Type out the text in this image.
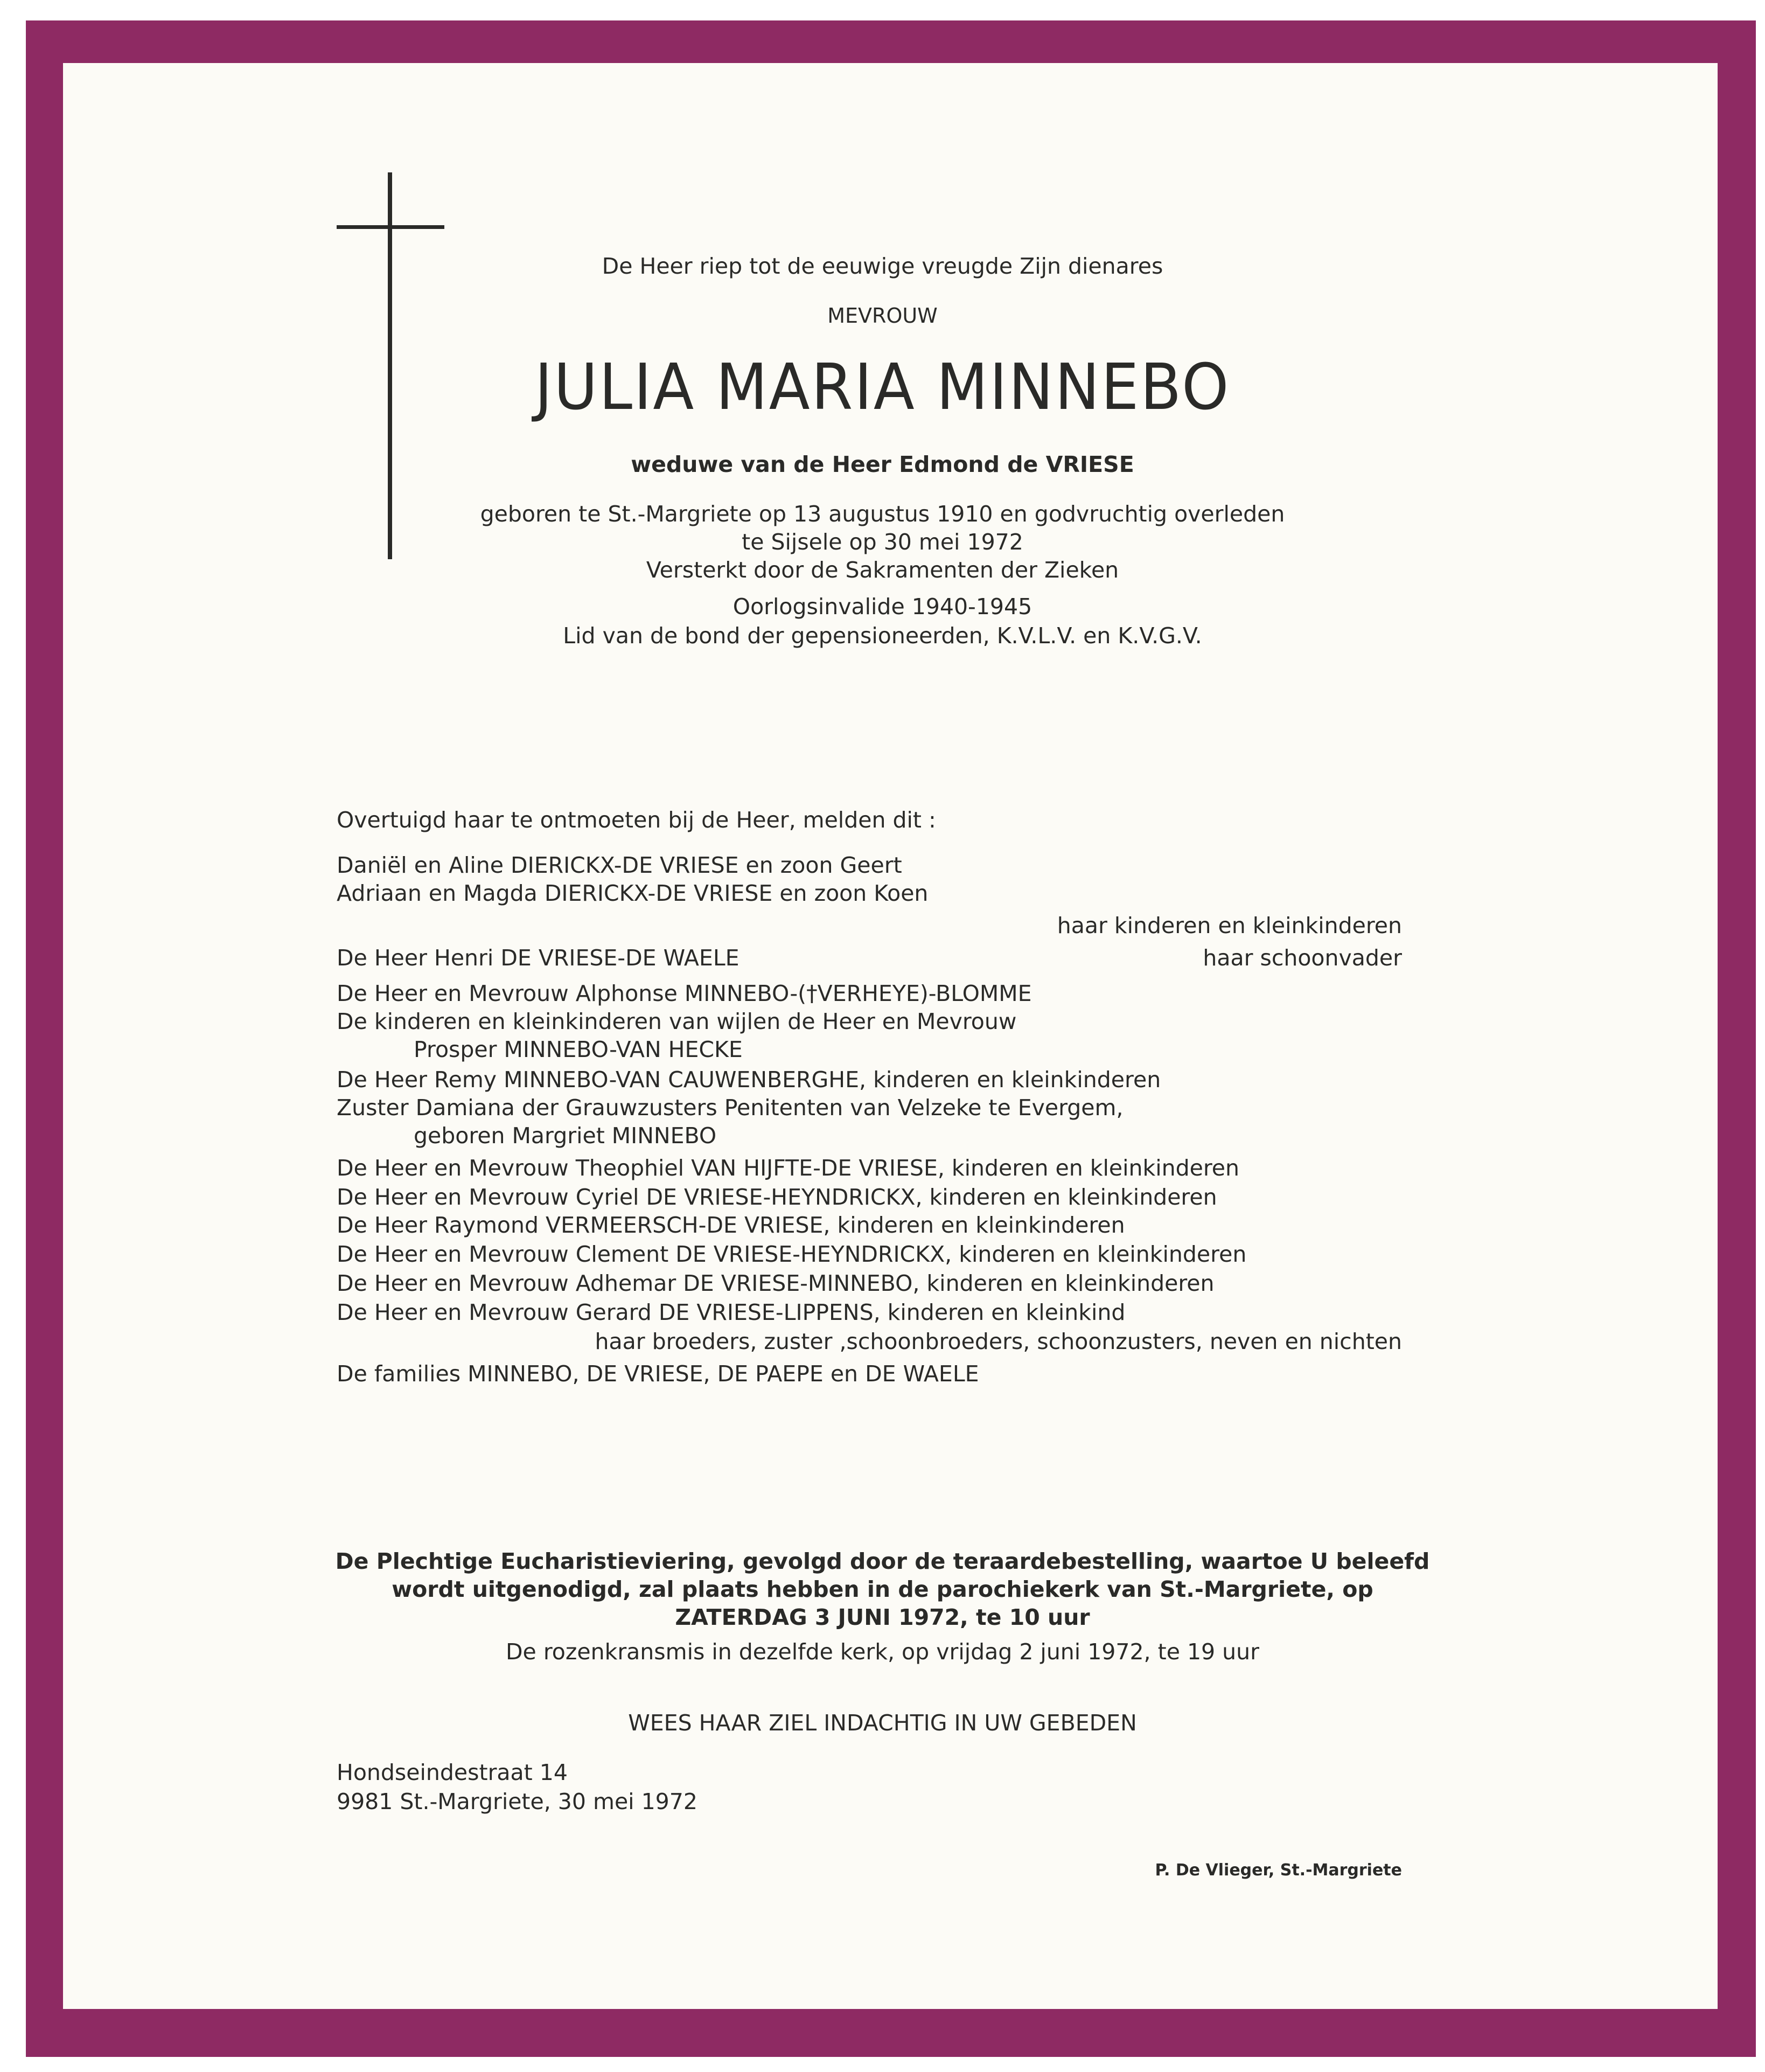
De Heer riep tot de eeuwige vreugde Zijn dienares
MEVROUW
JULIA MARIA MINNEBO
weduwe van de Heer Edmond de VRIESE
geboren te St.-Margriete op 13 augustus 1910 en godvruchtig overleden
te Sijsele op 30 mei 1972
Versterkt door de Sakramenten der Zieken
Oorlogsinvalide 1940-1945
Lid van de bond der gepensioneerden, K.V.L.V. en K.V.G.V.
Overtuigd haar te ontmoeten bij de Heer, melden dit :
Daniël en Aline DIERICKX-DE VRIESE en zoon Geert
Adriaan en Magda DIERICKX-DE VRIESE en zoon Koen
haar kinderen en kleinkinderen
De Heer Henri DE VRIESE-DE WAELE	haar schoonvader
De Heer en Mevrouw Alphonse MINNEBO-(†VERHEYE)-BLOMME
De kinderen en kleinkinderen van wijlen de Heer en Mevrouw
Prosper MINNEBO-VAN HECKE
De Heer Remy MINNEBO-VAN CAUWENBERGHE, kinderen en kleinkinderen
Zuster Damiana der Grauwzusters Penitenten van Velzeke te Evergem,
geboren Margriet MINNEBO
De Heer en Mevrouw Theophiel VAN HIJFTE-DE VRIESE, kinderen en kleinkinderen
De Heer en Mevrouw Cyriel DE VRIESE-HEYNDRICKX, kinderen en kleinkinderen
De Heer Raymond VERMEERSCH-DE VRIESE, kinderen en kleinkinderen
De Heer en Mevrouw Clement DE VRIESE-HEYNDRICKX, kinderen en kleinkinderen
De Heer en Mevrouw Adhemar DE VRIESE-MINNEBO, kinderen en kleinkinderen
De Heer en Mevrouw Gerard DE VRIESE-LIPPENS, kinderen en kleinkind
haar broeders, zuster ,schoonbroeders, schoonzusters, neven en nichten
De families MINNEBO, DE VRIESE, DE PAEPE en DE WAELE
De Plechtige Eucharistieviering, gevolgd door de teraardebestelling, waartoe U beleefd
wordt uitgenodigd, zal plaats hebben in de parochiekerk van St.-Margriete, op
ZATERDAG 3 JUNI 1972, te 10 uur
De rozenkransmis in dezelfde kerk, op vrijdag 2 juni 1972, te 19 uur
WEES HAAR ZIEL INDACHTIG IN UW GEBEDEN
Hondseindestraat 14
9981 St.-Margriete, 30 mei 1972
P. De Vlieger, St.-Margriete
